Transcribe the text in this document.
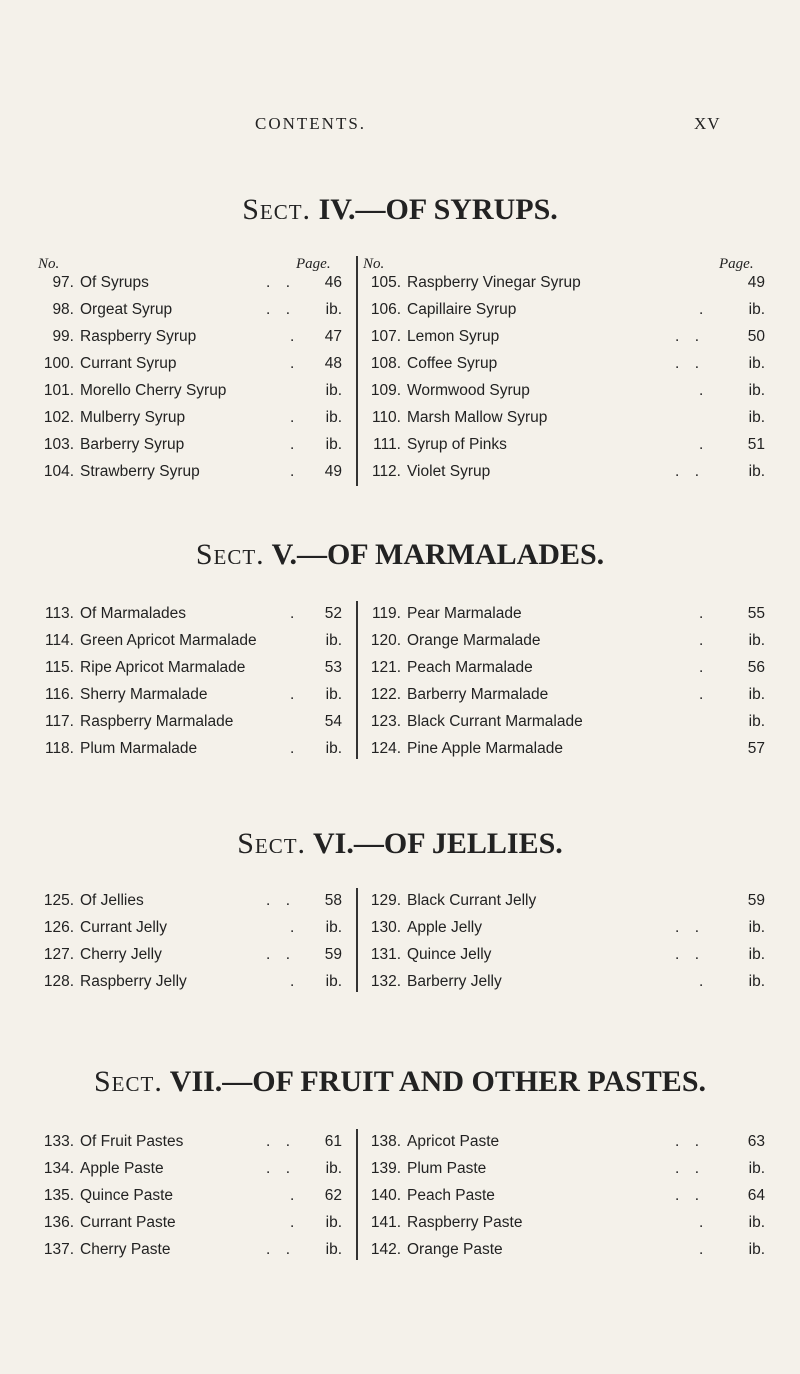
CONTENTS.	XV
Sect. IV.—OF SYRUPS.
No.	Page.
97. Of Syrups	. .	46
98. Orgeat Syrup	. .	ib.
99. Raspberry Syrup	.	47
100. Currant Syrup	.	48
101. Morello Cherry Syrup	ib.
102. Mulberry Syrup	.	ib.
103. Barberry Syrup	.	ib.
104. Strawberry Syrup	.	49
No.	Page.
105. Raspberry Vinegar Syrup	49
106. Capillaire Syrup	.	ib.
107. Lemon Syrup	. .	50
108. Coffee Syrup	. .	ib.
109. Wormwood Syrup	.	ib.
110. Marsh Mallow Syrup	ib.
111. Syrup of Pinks	.	51
112. Violet Syrup	. .	ib.
Sect. V.—OF MARMALADES.
113. Of Marmalades	.	52
114. Green Apricot Marmalade	ib.
115. Ripe Apricot Marmalade	53
116. Sherry Marmalade	.	ib.
117. Raspberry Marmalade	54
118. Plum Marmalade	.	ib.
119. Pear Marmalade	.	55
120. Orange Marmalade	.	ib.
121. Peach Marmalade	.	56
122. Barberry Marmalade	.	ib.
123. Black Currant Marmalade	ib.
124. Pine Apple Marmalade	57
Sect. VI.—OF JELLIES.
125. Of Jellies	. .	58
126. Currant Jelly	.	ib.
127. Cherry Jelly	. .	59
128. Raspberry Jelly	.	ib.
129. Black Currant Jelly	59
130. Apple Jelly	. .	ib.
131. Quince Jelly	. .	ib.
132. Barberry Jelly	.	ib.
Sect. VII.—OF FRUIT AND OTHER PASTES.
133. Of Fruit Pastes	. .	61
134. Apple Paste	. .	ib.
135. Quince Paste	.	62
136. Currant Paste	.	ib.
137. Cherry Paste	. .	ib.
138. Apricot Paste	. .	63
139. Plum Paste	. .	ib.
140. Peach Paste	. .	64
141. Raspberry Paste	.	ib.
142. Orange Paste	.	ib.
